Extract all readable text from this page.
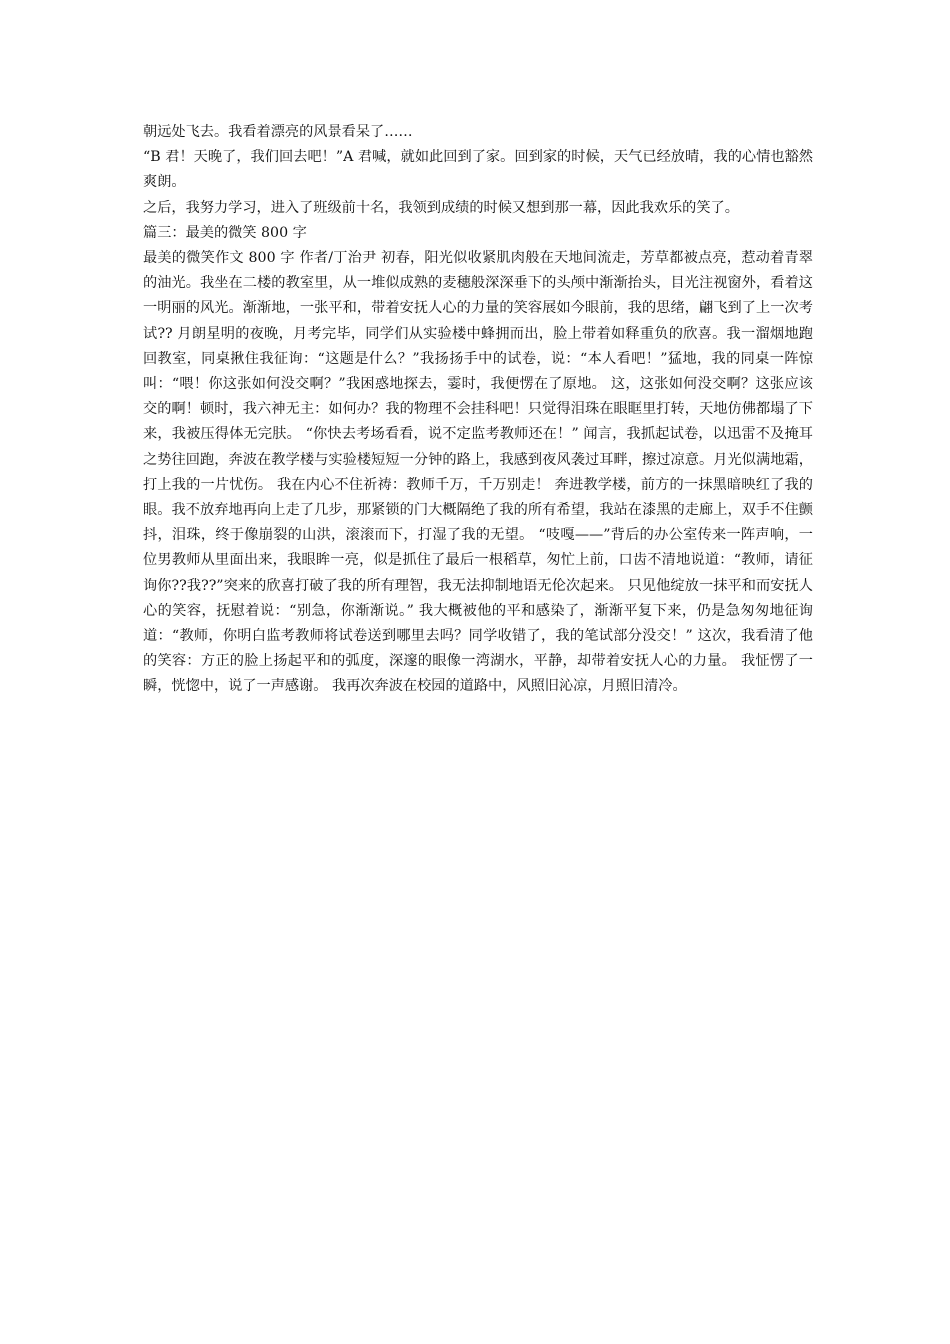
朝远处飞去。我看着漂亮的风景看呆了……

“B 君！天晚了，我们回去吧！”A 君喊，就如此回到了家。回到家的时候，天气已经放晴，我的心情也豁然爽朗。

之后，我努力学习，进入了班级前十名，我领到成绩的时候又想到那一幕，因此我欢乐的笑了。

篇三：最美的微笑 800 字

最美的微笑作文 800 字 作者/丁治尹 初春，阳光似收紧肌肉般在天地间流走，芳草都被点亮，惹动着青翠的油光。我坐在二楼的教室里，从一堆似成熟的麦穗般深深垂下的头颅中渐渐抬头，目光注视窗外，看着这一明丽的风光。渐渐地，一张平和，带着安抚人心的力量的笑容展如今眼前，我的思绪，翩飞到了上一次考试?? 月朗星明的夜晚，月考完毕，同学们从实验楼中蜂拥而出，脸上带着如释重负的欣喜。我一溜烟地跑回教室，同桌揪住我征询：“这题是什么？”我扬扬手中的试卷，说：“本人看吧！”猛地，我的同桌一阵惊叫：“喂！你这张如何没交啊？”我困惑地探去，霎时，我便愣在了原地。 这，这张如何没交啊？这张应该交的啊！顿时，我六神无主：如何办？我的物理不会挂科吧！只觉得泪珠在眼眶里打转，天地仿佛都塌了下来，我被压得体无完肤。 “你快去考场看看，说不定监考教师还在！” 闻言，我抓起试卷，以迅雷不及掩耳之势往回跑，奔波在教学楼与实验楼短短一分钟的路上，我感到夜风袭过耳畔，擦过凉意。月光似满地霜，打上我的一片忧伤。 我在内心不住祈祷：教师千万，千万别走！ 奔进教学楼，前方的一抹黑暗映红了我的眼。我不放弃地再向上走了几步，那紧锁的门大概隔绝了我的所有希望，我站在漆黑的走廊上，双手不住颤抖，泪珠，终于像崩裂的山洪，滚滚而下，打湿了我的无望。 “吱嘎——”背后的办公室传来一阵声响，一位男教师从里面出来，我眼眸一亮，似是抓住了最后一根稻草，匆忙上前，口齿不清地说道：“教师，请征询你??我??”突来的欣喜打破了我的所有理智，我无法抑制地语无伦次起来。 只见他绽放一抹平和而安抚人心的笑容，抚慰着说：“别急，你渐渐说。” 我大概被他的平和感染了，渐渐平复下来，仍是急匆匆地征询道：“教师，你明白监考教师将试卷送到哪里去吗？同学收错了，我的笔试部分没交！” 这次，我看清了他的笑容：方正的脸上扬起平和的弧度，深邃的眼像一湾湖水，平静，却带着安抚人心的力量。 我怔愣了一瞬，恍惚中，说了一声感谢。 我再次奔波在校园的道路中，风照旧沁凉，月照旧清冷。
